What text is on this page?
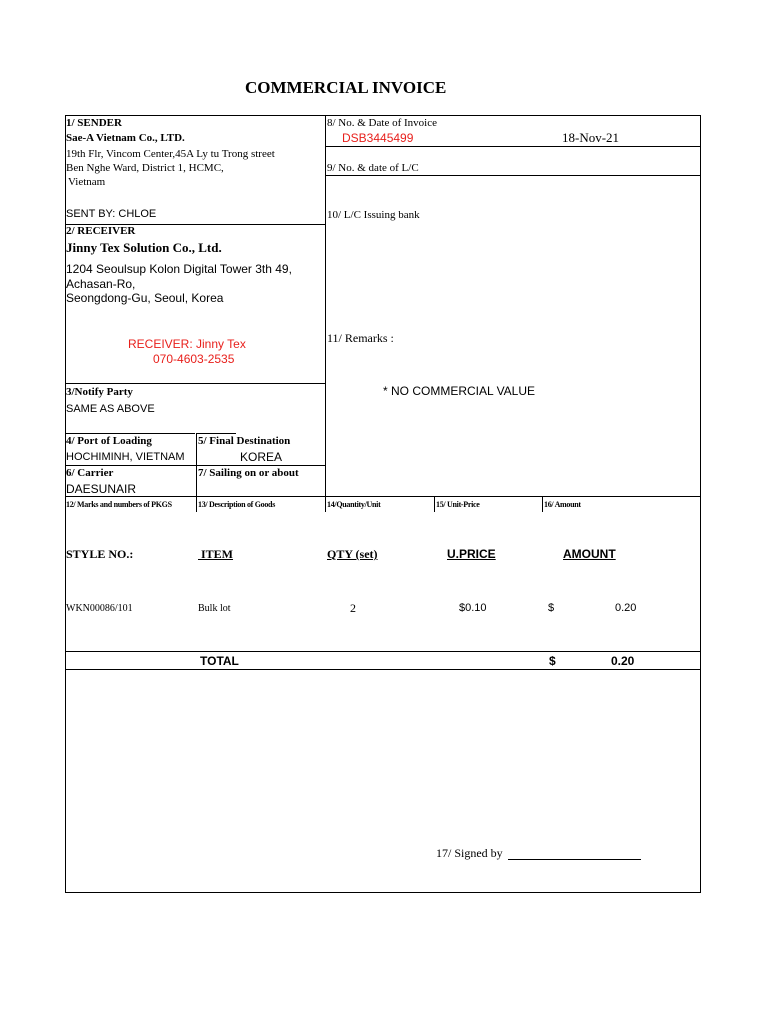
COMMERCIAL INVOICE
1/ SENDER
Sae-A Vietnam Co., LTD.
19th Flr, Vincom Center,45A Ly tu Trong street
Ben Nghe Ward, District 1, HCMC,
Vietnam
SENT BY: CHLOE
8/ No. & Date of Invoice
DSB3445499	18-Nov-21
9/ No. & date of L/C
10/ L/C Issuing bank
2/ RECEIVER
Jinny Tex Solution Co., Ltd.
1204 Seoulsup Kolon Digital Tower 3th 49,
Achasan-Ro,
Seongdong-Gu, Seoul, Korea
RECEIVER: Jinny Tex
070-4603-2535
11/ Remarks :
* NO COMMERCIAL VALUE
3/Notify Party
SAME AS ABOVE
4/ Port of Loading
HOCHIMINH, VIETNAM
5/ Final Destination
KOREA
6/ Carrier
DAESUNAIR
7/ Sailing on or about
12/ Marks and numbers of PKGS	13/ Description of Goods	14/Quantity/Unit	15/ Unit-Price	16/ Amount
STYLE NO.:	ITEM	QTY (set)	U.PRICE	AMOUNT
WKN00086/101	Bulk lot	2	$0.10	$	0.20
TOTAL	$	0.20
17/ Signed by
